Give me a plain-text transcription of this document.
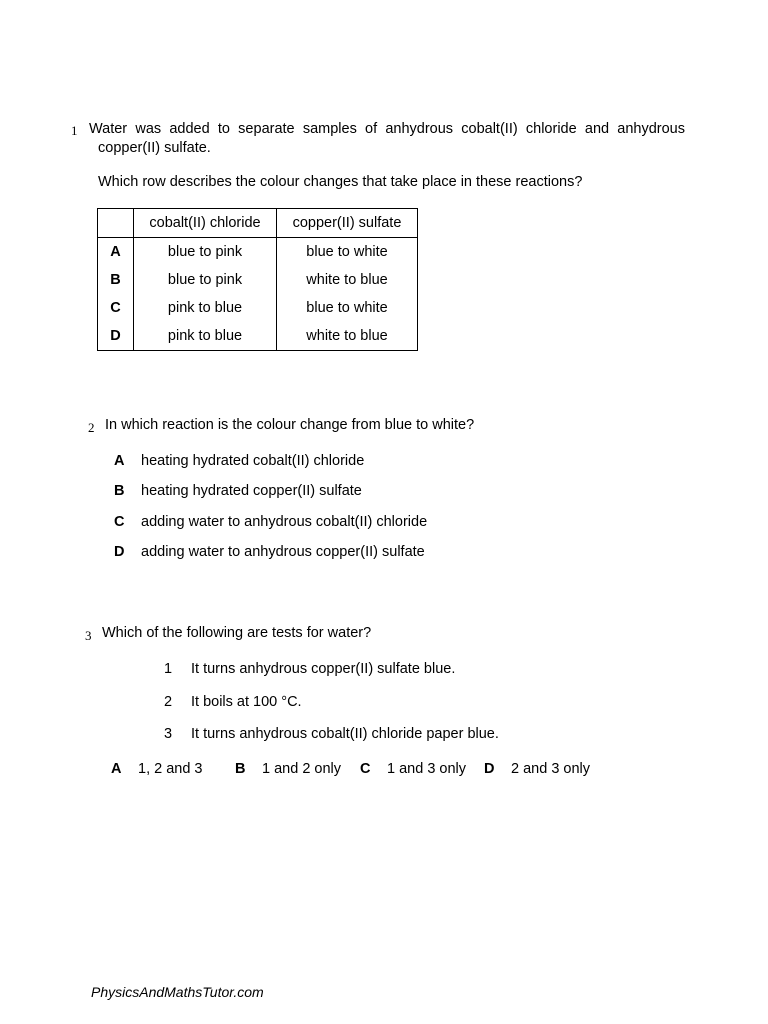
1 Water was added to separate samples of anhydrous cobalt(II) chloride and anhydrous
copper(II) sulfate.
Which row describes the colour changes that take place in these reactions?
	cobalt(II) chloride	copper(II) sulfate
A	blue to pink	blue to white
B	blue to pink	white to blue
C	pink to blue	blue to white
D	pink to blue	white to blue
2 In which reaction is the colour change from blue to white?
A heating hydrated cobalt(II) chloride
B heating hydrated copper(II) sulfate
C adding water to anhydrous cobalt(II) chloride
D adding water to anhydrous copper(II) sulfate
3 Which of the following are tests for water?
1 It turns anhydrous copper(II) sulfate blue.
2 It boils at 100 °C.
3 It turns anhydrous cobalt(II) chloride paper blue.
A 1, 2 and 3 B 1 and 2 only C 1 and 3 only D 2 and 3 only
PhysicsAndMathsTutor.com
